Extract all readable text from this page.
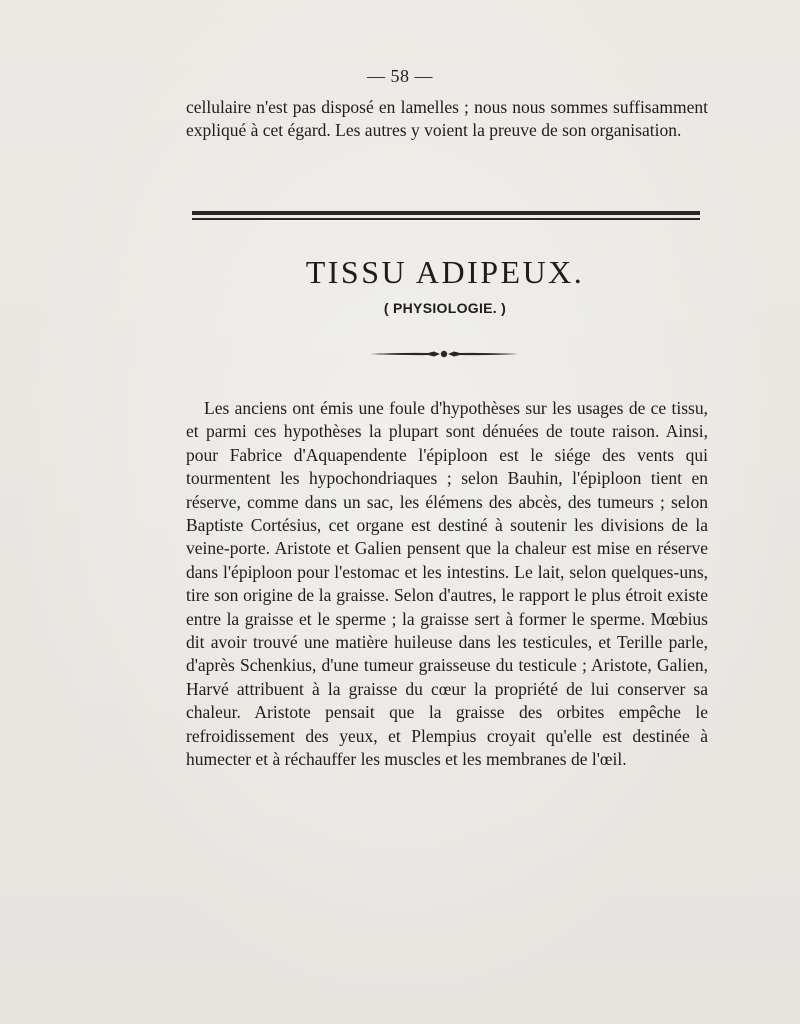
— 58 —

cellulaire n'est pas disposé en lamelles ; nous nous sommes suffisamment expliqué à cet égard. Les autres y voient la preuve de son organisation.

TISSU ADIPEUX.
( PHYSIOLOGIE. )

Les anciens ont émis une foule d'hypothèses sur les usages de ce tissu, et parmi ces hypothèses la plupart sont dénuées de toute raison. Ainsi, pour Fabrice d'Aquapendente l'épiploon est le siége des vents qui tourmentent les hypochondriaques ; selon Bauhin, l'épiploon tient en réserve, comme dans un sac, les élémens des abcès, des tumeurs ; selon Baptiste Cortésius, cet organe est destiné à soutenir les divisions de la veine-porte. Aristote et Galien pensent que la chaleur est mise en réserve dans l'épiploon pour l'estomac et les intestins. Le lait, selon quelques-uns, tire son origine de la graisse. Selon d'autres, le rapport le plus étroit existe entre la graisse et le sperme ; la graisse sert à former le sperme. Mœbius dit avoir trouvé une matière huileuse dans les testicules, et Terille parle, d'après Schenkius, d'une tumeur graisseuse du testicule ; Aristote, Galien, Harvé attribuent à la graisse du cœur la propriété de lui conserver sa chaleur. Aristote pensait que la graisse des orbites empêche le refroidissement des yeux, et Plempius croyait qu'elle est destinée à humecter et à réchauffer les muscles et les membranes de l'œil.
